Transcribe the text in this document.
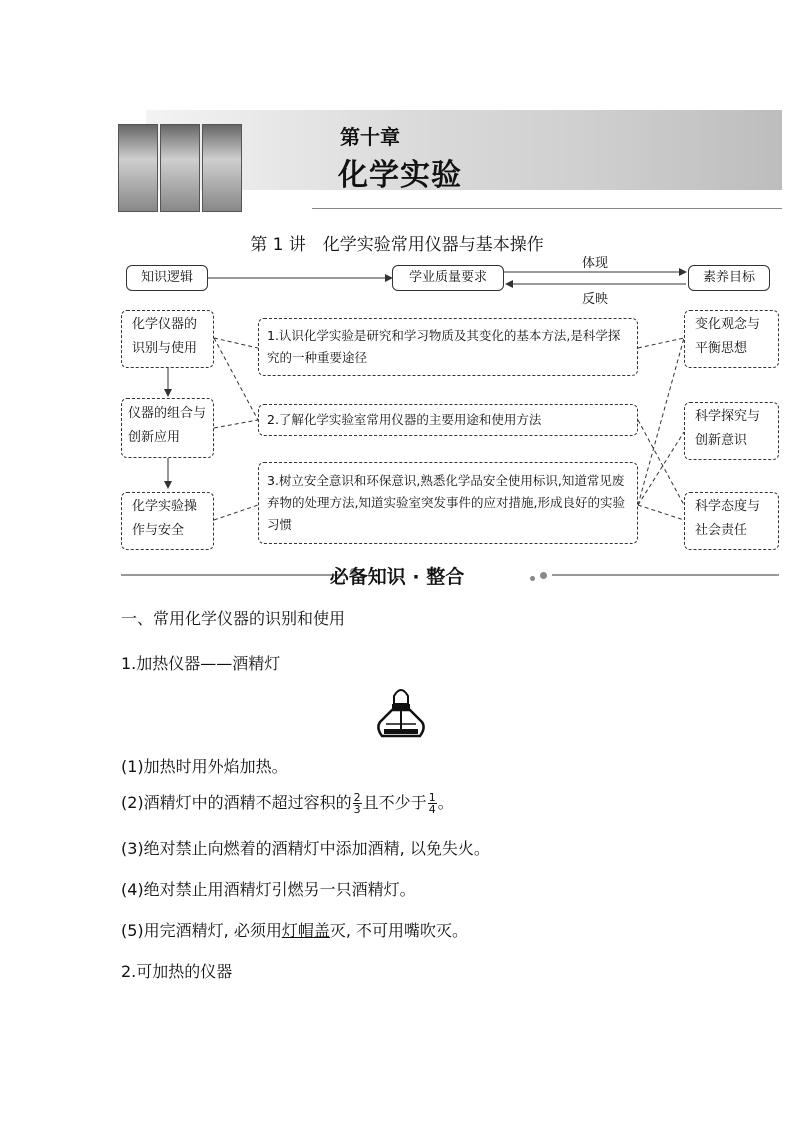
第十章
化学实验
第 1 讲　化学实验常用仪器与基本操作
知识逻辑	学业质量要求	素养目标
体现
反映
化学仪器的识别与使用
仪器的组合与创新应用
化学实验操作与安全
1.认识化学实验是研究和学习物质及其变化的基本方法,是科学探究的一种重要途径
2.了解化学实验室常用仪器的主要用途和使用方法
3.树立安全意识和环保意识,熟悉化学品安全使用标识,知道常见废弃物的处理方法,知道实验室突发事件的应对措施,形成良好的实验习惯
变化观念与平衡思想
科学探究与创新意识
科学态度与社会责任
必备知识 · 整合
一、常用化学仪器的识别和使用
1.加热仪器——酒精灯
(1)加热时用外焰加热。
(2)酒精灯中的酒精不超过容积的 $\frac{2}{3}$ 且不少于 $\frac{1}{4}$ 。
(3)绝对禁止向燃着的酒精灯中添加酒精, 以免失火。
(4)绝对禁止用酒精灯引燃另一只酒精灯。
(5)用完酒精灯, 必须用灯帽盖灭, 不可用嘴吹灭。
2.可加热的仪器
